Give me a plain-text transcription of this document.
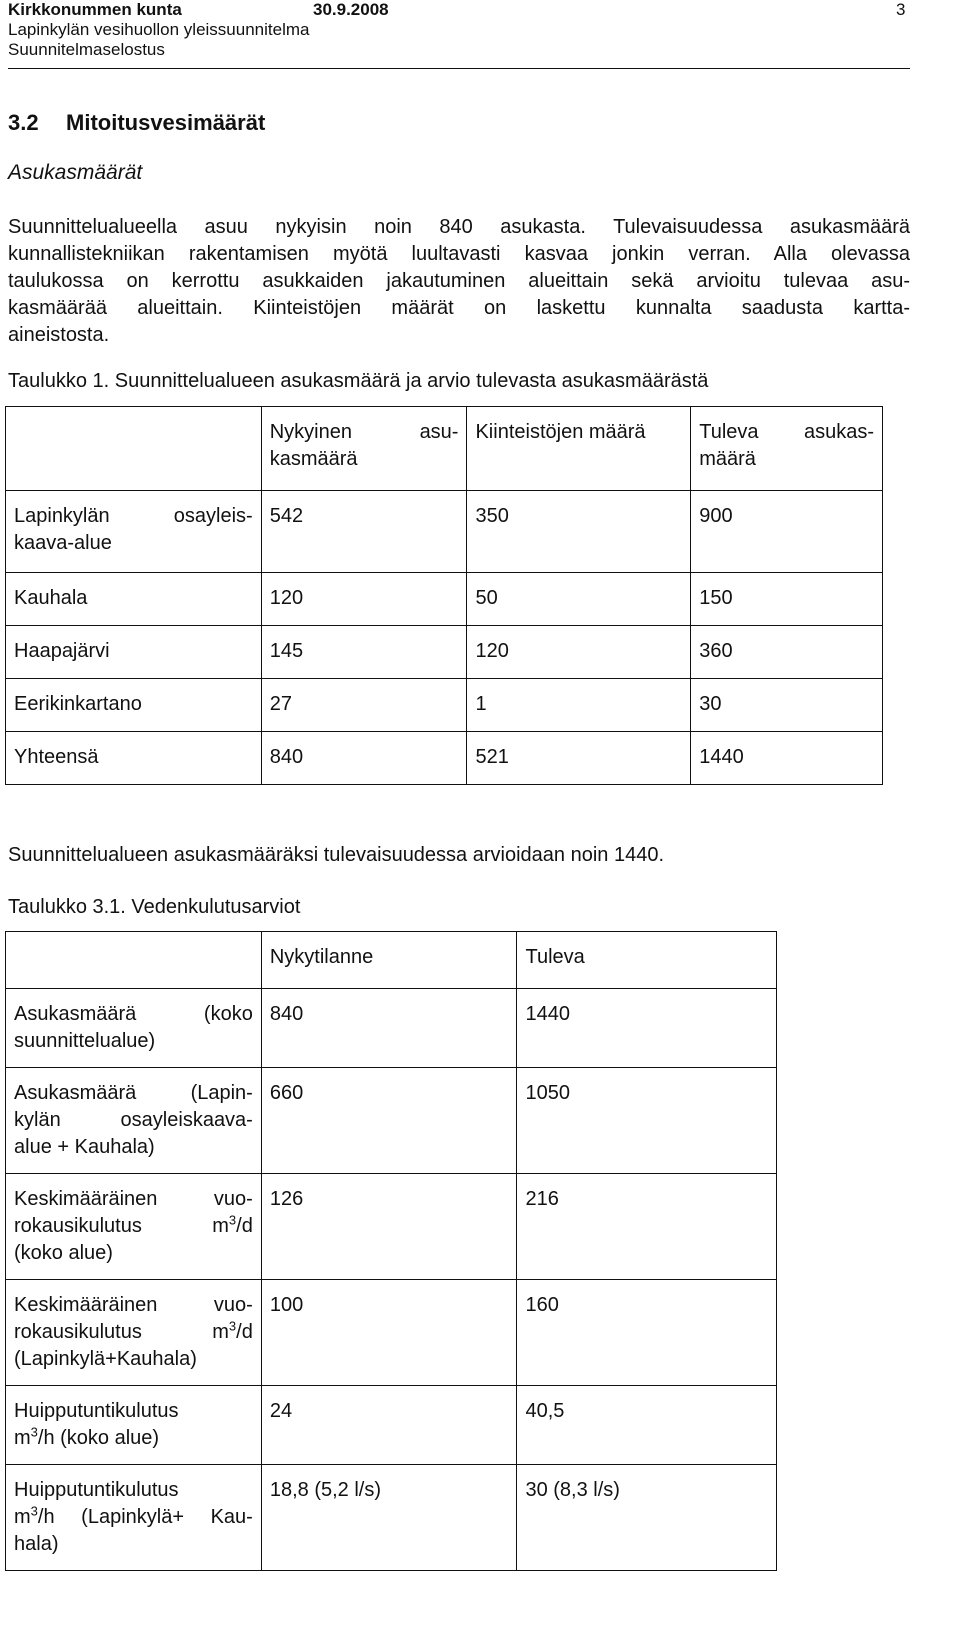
Kirkkonummen kunta
Lapinkylän vesihuollon yleissuunnitelma
Suunnitelmaselostus
30.9.2008	3
3.2 Mitoitusvesimäärät
Asukasmäärät
Suunnittelualueella asuu nykyisin noin 840 asukasta. Tulevaisuudessa asukasmäärä
kunnallistekniikan rakentamisen myötä luultavasti kasvaa jonkin verran. Alla olevassa
taulukossa on kerrottu asukkaiden jakautuminen alueittain sekä arvioitu tulevaa asu-
kasmäärää alueittain. Kiinteistöjen määrät on laskettu kunnalta saadusta kartta-
aineistosta.
Taulukko 1. Suunnittelualueen asukasmäärä ja arvio tulevasta asukasmäärästä

	Nykyinen asu-
kasmäärä	Kiinteistöjen määrä	Tuleva asukas-
määrä

Lapinkylän osayleis-
kaava-alue	542	350	900
Kauhala	120	50	150
Haapajärvi	145	120	360
Eerikinkartano	27	1	30
Yhteensä	840	521	1440
Suunnittelualueen asukasmääräksi tulevaisuudessa arvioidaan noin 1440.
Taulukko 3.1. Vedenkulutusarviot
	Nykytilanne	Tuleva

Asukasmäärä (koko
suunnittelualue)	840	1440

Asukasmäärä (Lapin-
kylän osayleiskaava-
alue + Kauhala)	660	1050

Keskimääräinen vuo-
rokausikulutus $m^3/d$
(koko alue)	126	216

Keskimääräinen vuo-
rokausikulutus $m^3/d$
(Lapinkylä+Kauhala)	100	160

Huipputuntikulutus
$m^3/h$ (koko alue)	24	40,5

Huipputuntikulutus
$m^3/h$ (Lapinkylä+ Kau-
hala)	18,8 (5,2 l/s)	30 (8,3 l/s)
